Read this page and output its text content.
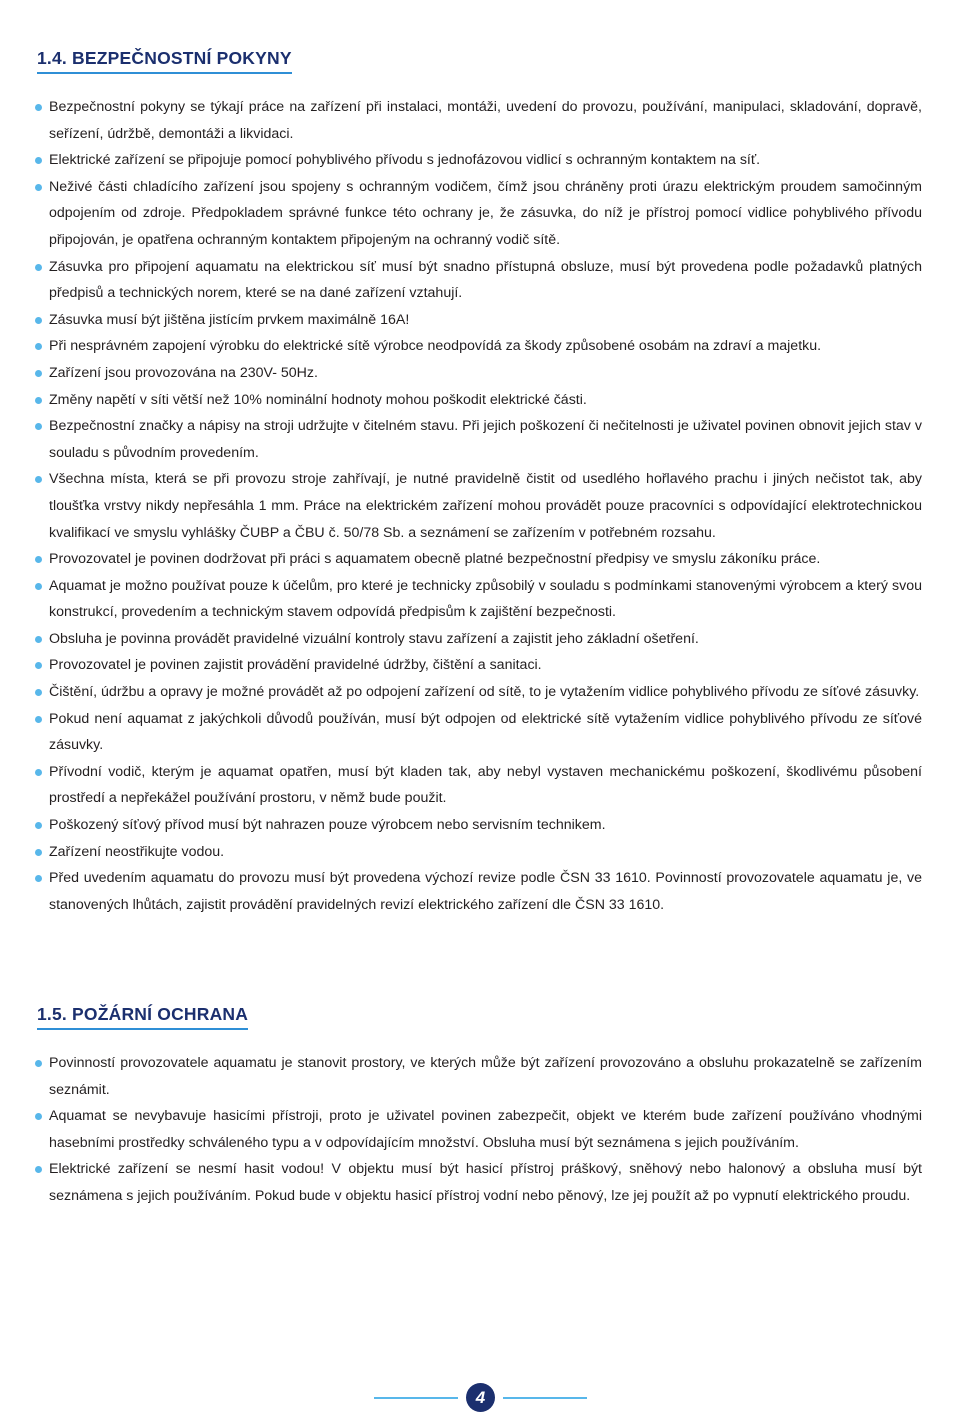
1.4. BEZPEČNOSTNÍ POKYNY
Bezpečnostní pokyny se týkají práce na zařízení při instalaci, montáži, uvedení do provozu, používání, manipulaci, skladování, dopravě, seřízení, údržbě, demontáži a likvidaci.
Elektrické zařízení se připojuje pomocí pohyblivého přívodu s jednofázovou vidlicí s ochranným kontaktem na síť.
Neživé části chladícího zařízení jsou spojeny s ochranným vodičem, čímž jsou chráněny proti úrazu elektrickým proudem samočinným odpojením od zdroje. Předpokladem správné funkce této ochrany je, že zásuvka, do níž je přístroj pomocí vidlice pohyblivého přívodu připojován, je opatřena ochranným kontaktem připojeným na ochranný vodič sítě.
Zásuvka pro připojení aquamatu na elektrickou síť musí být snadno přístupná obsluze, musí být provedena podle požadavků platných předpisů a technických norem, které se na dané zařízení vztahují.
Zásuvka musí být jištěna jistícím prvkem maximálně 16A!
Při nesprávném zapojení výrobku do elektrické sítě výrobce neodpovídá za škody způsobené osobám na zdraví a majetku.
Zařízení jsou provozována na 230V- 50Hz.
Změny napětí v síti větší než 10% nominální hodnoty mohou poškodit elektrické části.
Bezpečnostní značky a nápisy na stroji udržujte v čitelném stavu. Při jejich poškození či nečitelnosti je uživatel povinen obnovit jejich stav v souladu s původním provedením.
Všechna místa, která se při provozu stroje zahřívají, je nutné pravidelně čistit od usedlého hořlavého prachu i jiných nečistot tak, aby tloušťka vrstvy nikdy nepřesáhla 1 mm. Práce na elektrickém zařízení mohou provádět pouze pracovníci s odpovídající elektrotechnickou kvalifikací ve smyslu vyhlášky ČUBP a ČBU č. 50/78 Sb. a seznámení se zařízením v potřebném rozsahu.
Provozovatel je povinen dodržovat při práci s aquamatem obecně platné bezpečnostní předpisy ve smyslu zákoníku práce.
Aquamat je možno používat pouze k účelům, pro které je technicky způsobilý v souladu s podmínkami stanovenými výrobcem a který svou konstrukcí, provedením a technickým stavem odpovídá předpisům k zajištění bezpečnosti.
Obsluha je povinna provádět pravidelné vizuální kontroly stavu zařízení a zajistit jeho základní ošetření.
Provozovatel je povinen zajistit provádění pravidelné údržby, čištění a sanitaci.
Čištění, údržbu a opravy je možné provádět až po odpojení zařízení od sítě, to je vytažením vidlice pohyblivého přívodu ze síťové zásuvky.
Pokud není aquamat z jakýchkoli důvodů používán, musí být odpojen od elektrické sítě vytažením vidlice pohyblivého přívodu ze síťové zásuvky.
Přívodní vodič, kterým je aquamat opatřen, musí být kladen tak, aby nebyl vystaven mechanickému poškození, škodlivému působení prostředí a nepřekážel používání prostoru, v němž bude použit.
Poškozený síťový přívod musí být nahrazen pouze výrobcem nebo servisním technikem.
Zařízení neostřikujte vodou.
Před uvedením aquamatu do provozu musí být provedena výchozí revize podle ČSN 33 1610. Povinností provozovatele aquamatu je, ve stanovených lhůtách, zajistit provádění pravidelných revizí elektrického zařízení dle ČSN 33 1610.
1.5. POŽÁRNÍ OCHRANA
Povinností provozovatele aquamatu je stanovit prostory, ve kterých může být zařízení provozováno a obsluhu prokazatelně se zařízením seznámit.
Aquamat se nevybavuje hasicími přístroji, proto je uživatel povinen zabezpečit, objekt ve kterém bude zařízení používáno vhodnými hasebními prostředky schváleného typu a v odpovídajícím množství. Obsluha musí být seznámena s jejich používáním.
Elektrické zařízení se nesmí hasit vodou! V objektu musí být hasicí přístroj práškový, sněhový nebo halonový a obsluha musí být seznámena s jejich používáním. Pokud bude v objektu hasicí přístroj vodní nebo pěnový, lze jej použít až po vypnutí elektrického proudu.
4
